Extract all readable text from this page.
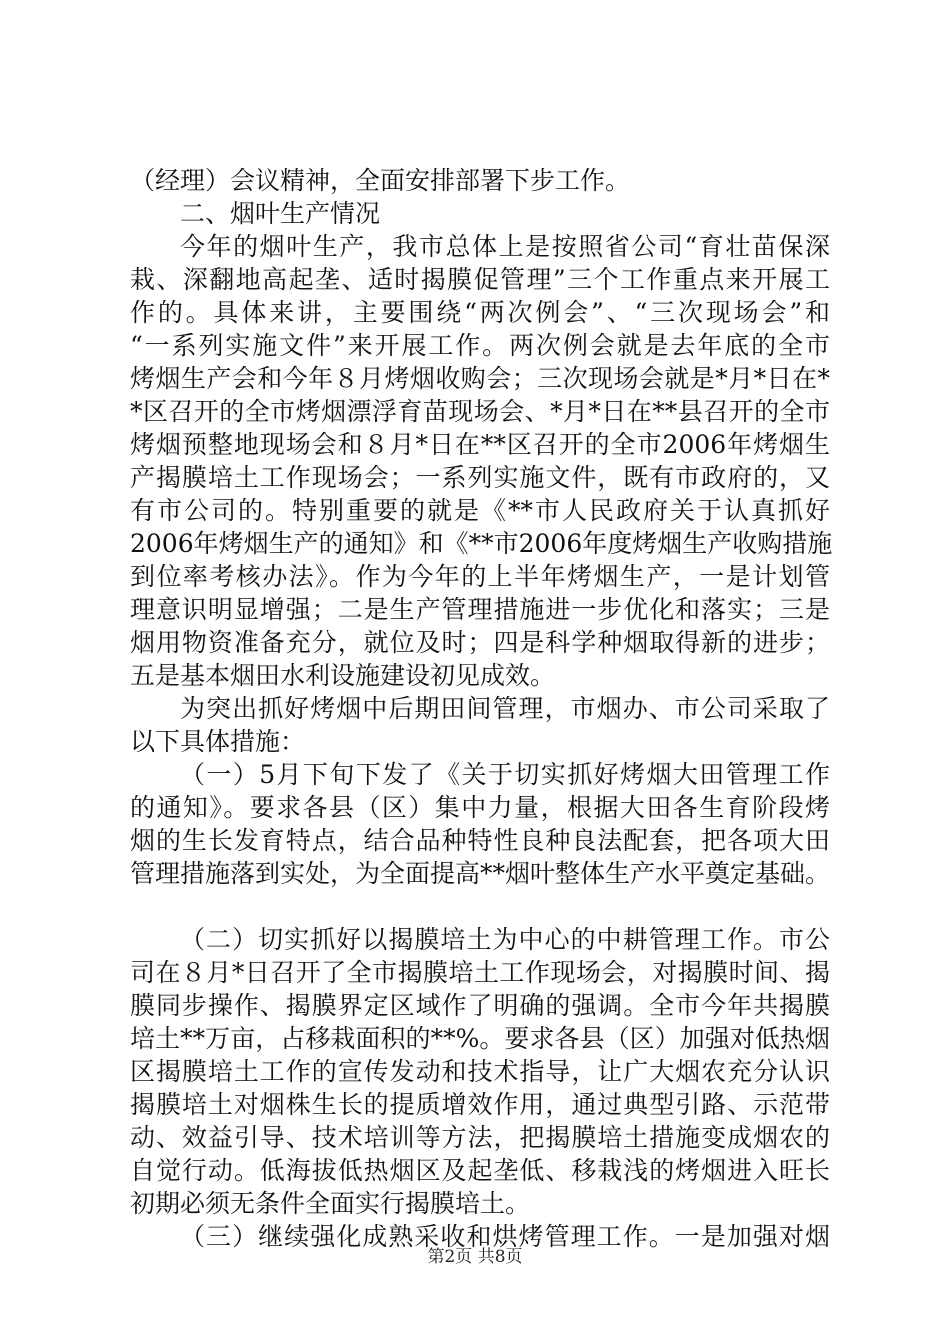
（经理）会议精神，全面安排部署下步工作。
二、烟叶生产情况
今年的烟叶生产，我市总体上是按照省公司“育壮苗保深
栽、深翻地高起垄、适时揭膜促管理”三个工作重点来开展工
作的。具体来讲，主要围绕“两次例会”、“三次现场会”和
“一系列实施文件”来开展工作。两次例会就是去年底的全市
烤烟生产会和今年８月烤烟收购会；三次现场会就是*月*日在*
*区召开的全市烤烟漂浮育苗现场会、*月*日在**县召开的全市
烤烟预整地现场会和８月*日在**区召开的全市2006年烤烟生
产揭膜培土工作现场会；一系列实施文件，既有市政府的，又
有市公司的。特别重要的就是《**市人民政府关于认真抓好
2006年烤烟生产的通知》和《**市2006年度烤烟生产收购措施
到位率考核办法》。作为今年的上半年烤烟生产，一是计划管
理意识明显增强；二是生产管理措施进一步优化和落实；三是
烟用物资准备充分，就位及时；四是科学种烟取得新的进步；
五是基本烟田水利设施建设初见成效。
为突出抓好烤烟中后期田间管理，市烟办、市公司采取了
以下具体措施：
（一）5月下旬下发了《关于切实抓好烤烟大田管理工作
的通知》。要求各县（区）集中力量，根据大田各生育阶段烤
烟的生长发育特点，结合品种特性良种良法配套，把各项大田
管理措施落到实处，为全面提高**烟叶整体生产水平奠定基础。
（二）切实抓好以揭膜培土为中心的中耕管理工作。市公
司在８月*日召开了全市揭膜培土工作现场会，对揭膜时间、揭
膜同步操作、揭膜界定区域作了明确的强调。全市今年共揭膜
培土**万亩，占移栽面积的**%。要求各县（区）加强对低热烟
区揭膜培土工作的宣传发动和技术指导，让广大烟农充分认识
揭膜培土对烟株生长的提质增效作用，通过典型引路、示范带
动、效益引导、技术培训等方法，把揭膜培土措施变成烟农的
自觉行动。低海拔低热烟区及起垄低、移栽浅的烤烟进入旺长
初期必须无条件全面实行揭膜培土。
（三）继续强化成熟采收和烘烤管理工作。一是加强对烟
第2页 共8页
